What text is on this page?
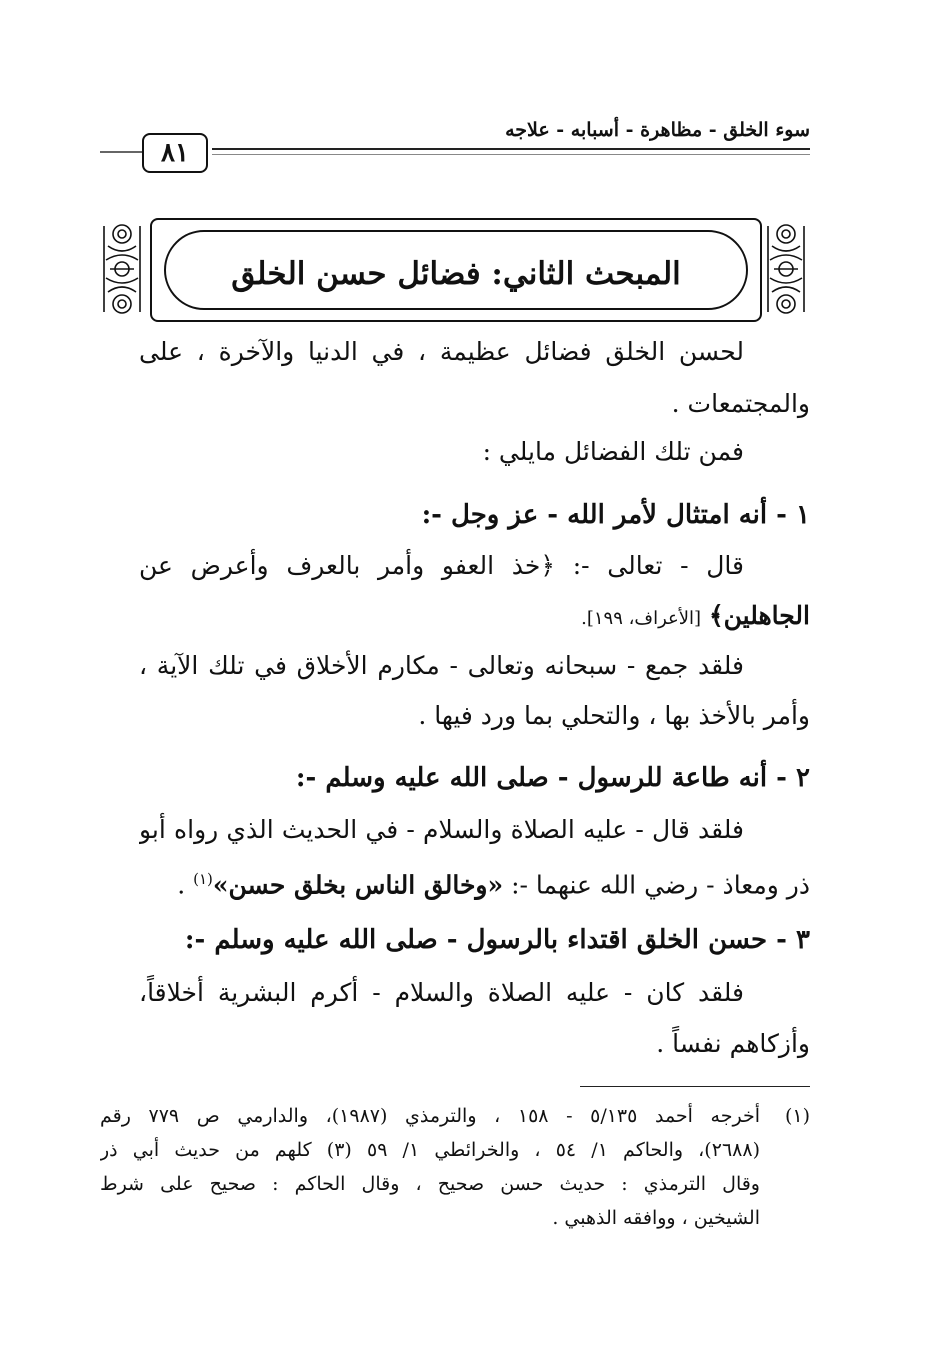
سوء الخلق - مظاهرة - أسبابه - علاجه
٨١
المبحث الثاني: فضائل حسن الخلق
لحسن الخلق فضائل عظيمة ، في الدنيا والآخرة ، على
والمجتمعات .
فمن تلك الفضائل مايلي :
١ - أنه امتثال لأمر الله - عز وجل -:
قال - تعالى -: ﴿خذ العفو وأمر بالعرف وأعرض عن
الجاهلين﴾ [الأعراف، ١٩٩].
فلقد جمع - سبحانه وتعالى - مكارم الأخلاق في تلك الآية ،
وأمر بالأخذ بها ، والتحلي بما ورد فيها .
٢ - أنه طاعة للرسول - صلى الله عليه وسلم -:
فلقد قال - عليه الصلاة والسلام - في الحديث الذي رواه أبو
ذر ومعاذ - رضي الله عنهما -: «وخالق الناس بخلق حسن»$^{(١)}$ .
٣ - حسن الخلق اقتداء بالرسول - صلى الله عليه وسلم -:
فلقد كان - عليه الصلاة والسلام - أكرم البشرية أخلاقاً،
وأزكاهم نفساً .
(١)
أخرجه أحمد ٥/١٣٥ - ١٥٨ ، والترمذي (١٩٨٧)، والدارمي ص ٧٧٩ رقم
(٢٦٨٨)، والحاكم ١/ ٥٤ ، والخرائطي ١/ ٥٩ (٣) كلهم من حديث أبي ذر
وقال الترمذي : حديث حسن صحيح ، وقال الحاكم : صحيح على شرط
الشيخين ، ووافقه الذهبي .
